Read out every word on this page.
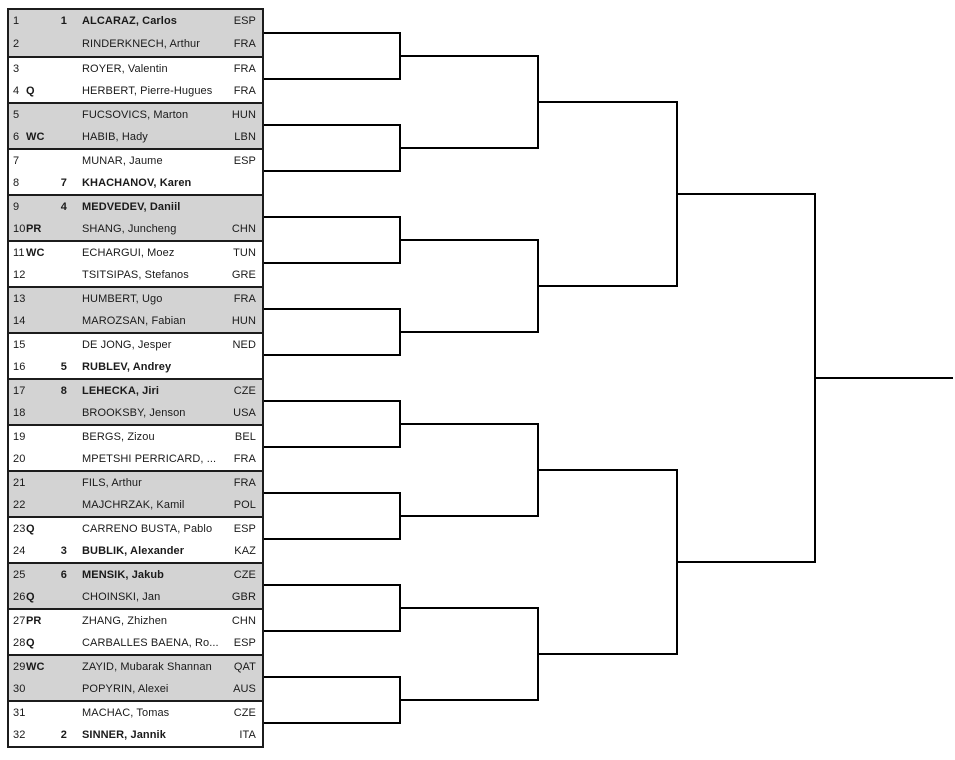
1	1 ALCARAZ, Carlos	ESP
2	RINDERKNECH, Arthur	FRA
3	ROYER, Valentin	FRA
4 Q	HERBERT, Pierre-Hugues	FRA
5	FUCSOVICS, Marton	HUN
6 WC	HABIB, Hady	LBN
7	MUNAR, Jaume	ESP
8	7 KHACHANOV, Karen
9	4 MEDVEDEV, Daniil
10 PR	SHANG, Juncheng	CHN
11 WC	ECHARGUI, Moez	TUN
12	TSITSIPAS, Stefanos	GRE
13	HUMBERT, Ugo	FRA
14	MAROZSAN, Fabian	HUN
15	DE JONG, Jesper	NED
16	5 RUBLEV, Andrey
17	8 LEHECKA, Jiri	CZE
18	BROOKSBY, Jenson	USA
19	BERGS, Zizou	BEL
20	MPETSHI PERRICARD, ...	FRA
21	FILS, Arthur	FRA
22	MAJCHRZAK, Kamil	POL
23 Q	CARRENO BUSTA, Pablo	ESP
24	3 BUBLIK, Alexander	KAZ
25	6 MENSIK, Jakub	CZE
26 Q	CHOINSKI, Jan	GBR
27 PR	ZHANG, Zhizhen	CHN
28 Q	CARBALLES BAENA, Ro...	ESP
29 WC	ZAYID, Mubarak Shannan	QAT
30	POPYRIN, Alexei	AUS
31	MACHAC, Tomas	CZE
32	2 SINNER, Jannik	ITA
